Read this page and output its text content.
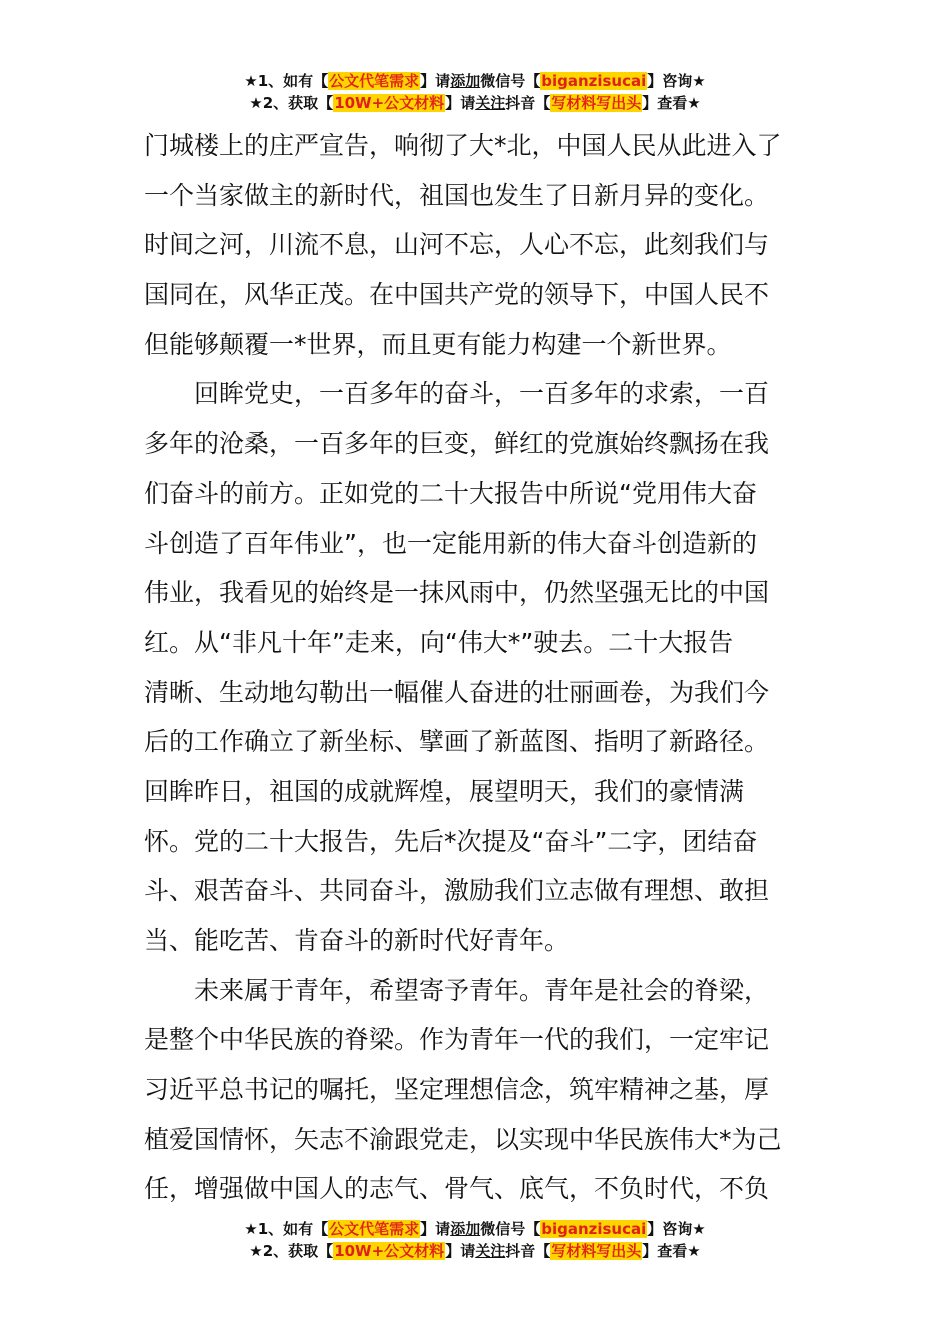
★1、如有【公文代笔需求】请添加微信号【biganzisucai】咨询★
★2、获取【10W+公文材料】请关注抖音【写材料写出头】查看★
门城楼上的庄严宣告，响彻了大*北，中国人民从此进入了
一个当家做主的新时代，祖国也发生了日新月异的变化。
时间之河，川流不息，山河不忘，人心不忘，此刻我们与
国同在，风华正茂。在中国共产党的领导下，中国人民不
但能够颠覆一*世界，而且更有能力构建一个新世界。
回眸党史，一百多年的奋斗，一百多年的求索，一百
多年的沧桑，一百多年的巨变，鲜红的党旗始终飘扬在我
们奋斗的前方。正如党的二十大报告中所说“党用伟大奋
斗创造了百年伟业”，也一定能用新的伟大奋斗创造新的
伟业，我看见的始终是一抹风雨中，仍然坚强无比的中国
红。从“非凡十年”走来，向“伟大*”驶去。二十大报告
清晰、生动地勾勒出一幅催人奋进的壮丽画卷，为我们今
后的工作确立了新坐标、擘画了新蓝图、指明了新路径。
回眸昨日，祖国的成就辉煌，展望明天，我们的豪情满
怀。党的二十大报告，先后*次提及“奋斗”二字，团结奋
斗、艰苦奋斗、共同奋斗，激励我们立志做有理想、敢担
当、能吃苦、肯奋斗的新时代好青年。
未来属于青年，希望寄予青年。青年是社会的脊梁，
是整个中华民族的脊梁。作为青年一代的我们，一定牢记
习近平总书记的嘱托，坚定理想信念，筑牢精神之基，厚
植爱国情怀，矢志不渝跟党走，以实现中华民族伟大*为己
任，增强做中国人的志气、骨气、底气，不负时代，不负
★1、如有【公文代笔需求】请添加微信号【biganzisucai】咨询★
★2、获取【10W+公文材料】请关注抖音【写材料写出头】查看★
